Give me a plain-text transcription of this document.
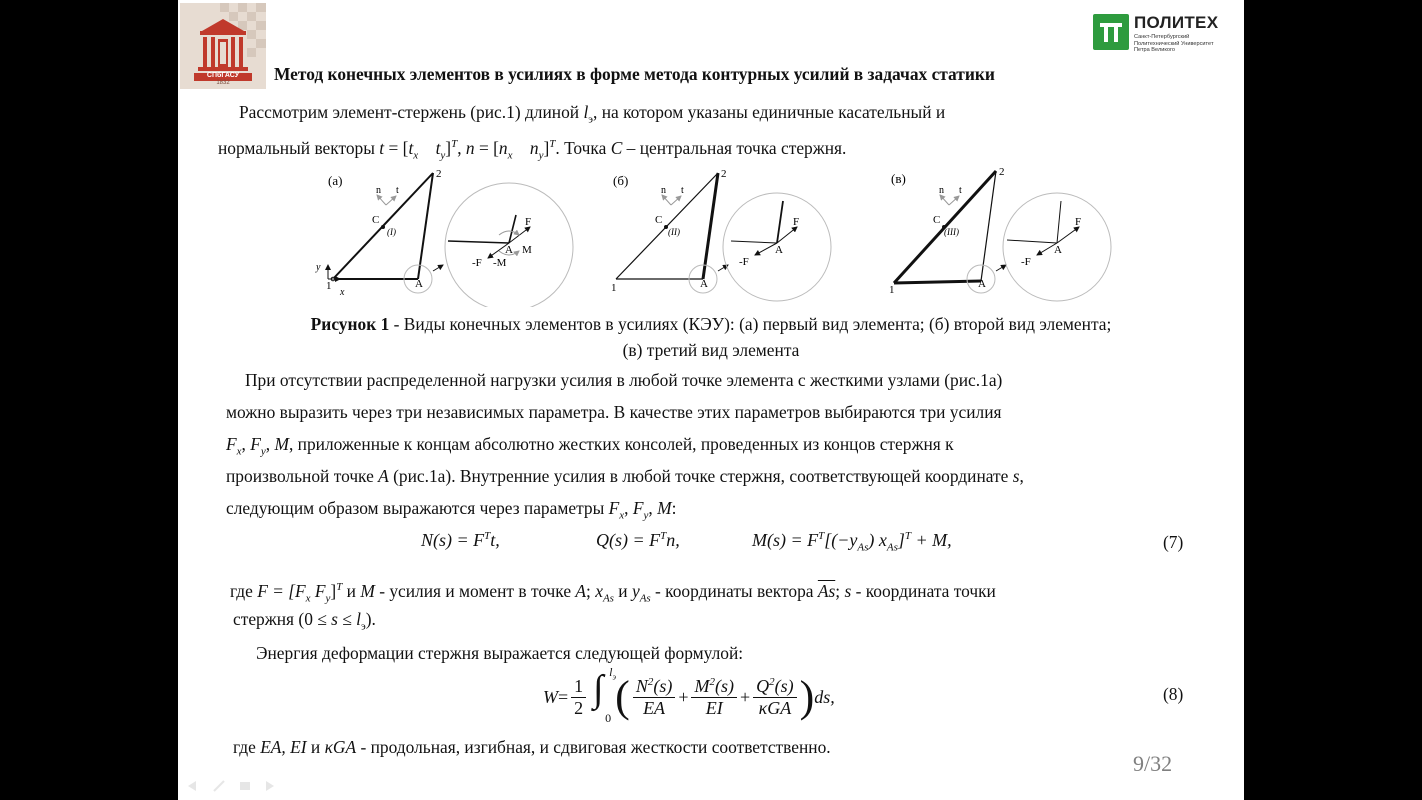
СПбГАСУ
1832
ПОЛИТЕХ
Санкт-Петербургский
Политехнический Университет
Петра Великого
Метод конечных элементов в усилиях в форме метода контурных усилий в задачах статики
Рассмотрим элемент-стержень (рис.1) длиной $l_э$, на котором указаны единичные касательный и
нормальный векторы $t = [t_x$ $t_y]^T$, $n = [n_x$ $n_y]^T$. Точка C – центральная точка стержня.
(а)
y
x
1
2
C
(I)
n t
A
F
A M
-F -M
(б)
1
2
C
(II)
n t
A
F
A
-F
(в)
1
2
C
(III)
n t
A
F
A
-F
Рисунок 1 - Виды конечных элементов в усилиях (КЭУ): (а) первый вид элемента; (б) второй вид элемента;
(в) третий вид элемента
При отсутствии распределенной нагрузки усилия в любой точке элемента с жесткими узлами (рис.1а)
можно выразить через три независимых параметра. В качестве этих параметров выбираются три усилия
$F_x$, $F_y$, M, приложенные к концам абсолютно жестких консолей, проведенных из концов стержня к
произвольной точке A (рис.1а). Внутренние усилия в любой точке стержня, соответствующей координате s,
следующим образом выражаются через параметры $F_x$, $F_y$, M:
$N(s) = F^Tt$,	$Q(s) = F^Tn$,	$M(s) = F^T[(-y_{As}) x_{As}]^T + M$,	(7)
где $F = [F_x$ $F_y]^T$ и M - усилия и момент в точке A; $x_{As}$ и $y_{As}$ - координаты вектора $\overline{As}$; s - координата точки
стержня $(0 \le s \le l_э)$.
Энергия деформации стержня выражается следующей формулой:
$W = \frac{1}{2}$ ∫ $l_э$
0 ( $\frac{N^2(s)}{EA} + \frac{M^2(s)}{EI} + \frac{Q^2(s)}{\text{κGA}}$ ) ds,	(8)
где EA, EI и κGA - продольная, изгибная, и сдвиговая жесткости соответственно.
9/32
